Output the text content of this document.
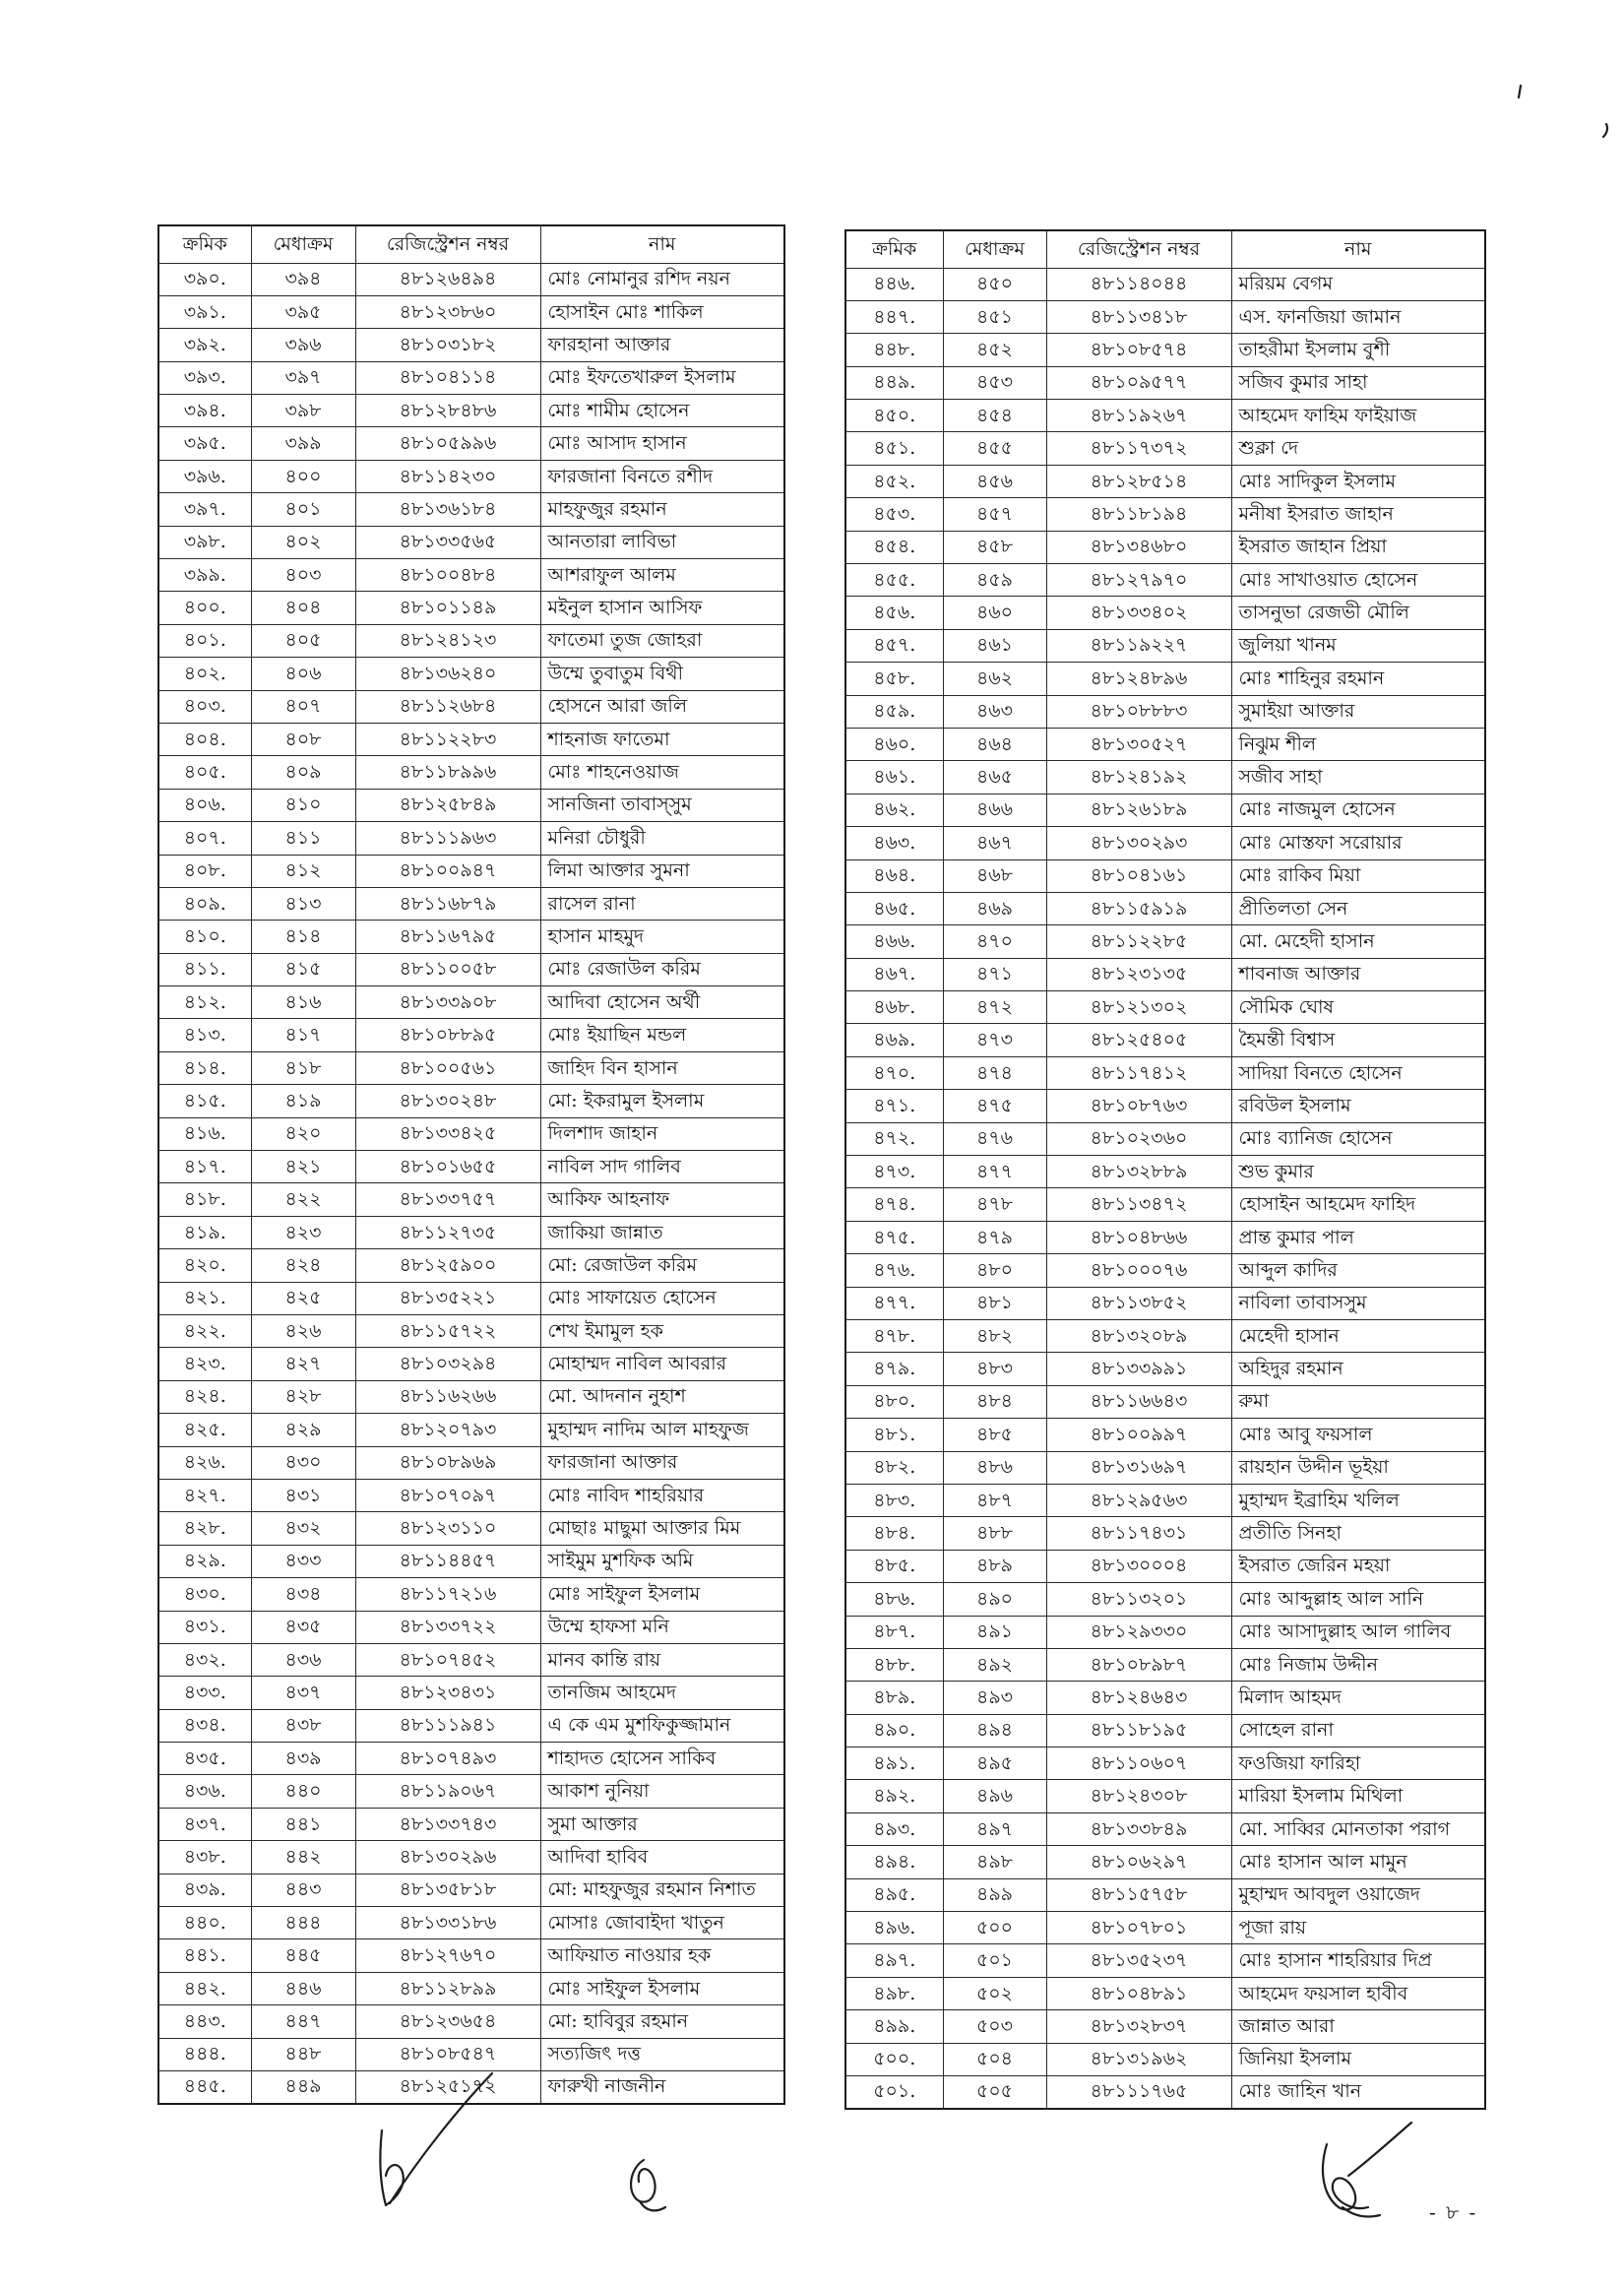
ক্রমিক	মেধাক্রম	রেজিস্ট্রেশন নম্বর	নাম
৩৯০.	৩৯৪	৪৮১২৬৪৯৪	মোঃ নোমানুর রশিদ নয়ন
৩৯১.	৩৯৫	৪৮১২৩৮৬০	হোসাইন মোঃ শাকিল
৩৯২.	৩৯৬	৪৮১০৩১৮২	ফারহানা আক্তার
৩৯৩.	৩৯৭	৪৮১০৪১১৪	মোঃ ইফতেখারুল ইসলাম
৩৯৪.	৩৯৮	৪৮১২৮৪৮৬	মোঃ শামীম হোসেন
৩৯৫.	৩৯৯	৪৮১০৫৯৯৬	মোঃ আসাদ হাসান
৩৯৬.	৪০০	৪৮১১৪২৩০	ফারজানা বিনতে রশীদ
৩৯৭.	৪০১	৪৮১৩৬১৮৪	মাহফুজুর রহমান
৩৯৮.	৪০২	৪৮১৩৩৫৬৫	আনতারা লাবিভা
৩৯৯.	৪০৩	৪৮১০০৪৮৪	আশরাফুল আলম
৪০০.	৪০৪	৪৮১০১১৪৯	মইনুল হাসান আসিফ
৪০১.	৪০৫	৪৮১২৪১২৩	ফাতেমা তুজ জোহরা
৪০২.	৪০৬	৪৮১৩৬২৪০	উম্মে তুবাতুম বিথী
৪০৩.	৪০৭	৪৮১১২৬৮৪	হোসনে আরা জলি
৪০৪.	৪০৮	৪৮১১২২৮৩	শাহনাজ ফাতেমা
৪০৫.	৪০৯	৪৮১১৮৯৯৬	মোঃ শাহনেওয়াজ
৪০৬.	৪১০	৪৮১২৫৮৪৯	সানজিনা তাবাস্সুম
৪০৭.	৪১১	৪৮১১১৯৬৩	মনিরা চৌধুরী
৪০৮.	৪১২	৪৮১০০৯৪৭	লিমা আক্তার সুমনা
৪০৯.	৪১৩	৪৮১১৬৮৭৯	রাসেল রানা
৪১০.	৪১৪	৪৮১১৬৭৯৫	হাসান মাহমুদ
৪১১.	৪১৫	৪৮১১০০৫৮	মোঃ রেজাউল করিম
৪১২.	৪১৬	৪৮১৩৩৯০৮	আদিবা হোসেন অর্থী
৪১৩.	৪১৭	৪৮১০৮৮৯৫	মোঃ ইয়াছিন মন্ডল
৪১৪.	৪১৮	৪৮১০০৫৬১	জাহিদ বিন হাসান
৪১৫.	৪১৯	৪৮১৩০২৪৮	মো: ইকরামুল ইসলাম
৪১৬.	৪২০	৪৮১৩৩৪২৫	দিলশাদ জাহান
৪১৭.	৪২১	৪৮১০১৬৫৫	নাবিল সাদ গালিব
৪১৮.	৪২২	৪৮১৩৩৭৫৭	আকিফ আহনাফ
৪১৯.	৪২৩	৪৮১১২৭৩৫	জাকিয়া জান্নাত
৪২০.	৪২৪	৪৮১২৫৯০০	মো: রেজাউল করিম
৪২১.	৪২৫	৪৮১৩৫২২১	মোঃ সাফায়েত হোসেন
৪২২.	৪২৬	৪৮১১৫৭২২	শেখ ইমামুল হক
৪২৩.	৪২৭	৪৮১০৩২৯৪	মোহাম্মদ নাবিল আবরার
৪২৪.	৪২৮	৪৮১১৬২৬৬	মো. আদনান নুহাশ
৪২৫.	৪২৯	৪৮১২০৭৯৩	মুহাম্মদ নাদিম আল মাহফুজ
৪২৬.	৪৩০	৪৮১০৮৯৬৯	ফারজানা আক্তার
৪২৭.	৪৩১	৪৮১০৭০৯৭	মোঃ নাবিদ শাহরিয়ার
৪২৮.	৪৩২	৪৮১২৩১১০	মোছাঃ মাছুমা আক্তার মিম
৪২৯.	৪৩৩	৪৮১১৪৪৫৭	সাইমুম মুশফিক অমি
৪৩০.	৪৩৪	৪৮১১৭২১৬	মোঃ সাইফুল ইসলাম
৪৩১.	৪৩৫	৪৮১৩৩৭২২	উম্মে হাফসা মনি
৪৩২.	৪৩৬	৪৮১০৭৪৫২	মানব কান্তি রায়
৪৩৩.	৪৩৭	৪৮১২৩৪৩১	তানজিম আহমেদ
৪৩৪.	৪৩৮	৪৮১১১৯৪১	এ কে এম মুশফিকুজ্জামান
৪৩৫.	৪৩৯	৪৮১০৭৪৯৩	শাহাদত হোসেন সাকিব
৪৩৬.	৪৪০	৪৮১১৯০৬৭	আকাশ নুনিয়া
৪৩৭.	৪৪১	৪৮১৩৩৭৪৩	সুমা আক্তার
৪৩৮.	৪৪২	৪৮১৩০২৯৬	আদিবা হাবিব
৪৩৯.	৪৪৩	৪৮১৩৫৮১৮	মো: মাহফুজুর রহমান নিশাত
৪৪০.	৪৪৪	৪৮১৩৩১৮৬	মোসাঃ জোবাইদা খাতুন
৪৪১.	৪৪৫	৪৮১২৭৬৭০	আফিয়াত নাওয়ার হক
৪৪২.	৪৪৬	৪৮১১২৮৯৯	মোঃ সাইফুল ইসলাম
৪৪৩.	৪৪৭	৪৮১২৩৬৫৪	মো: হাবিবুর রহমান
৪৪৪.	৪৪৮	৪৮১০৮৫৪৭	সত্যজিৎ দত্ত
৪৪৫.	৪৪৯	৪৮১২৫১৭২	ফারুখী নাজনীন
ক্রমিক	মেধাক্রম	রেজিস্ট্রেশন নম্বর	নাম
৪৪৬.	৪৫০	৪৮১১৪০৪৪	মরিয়ম বেগম
৪৪৭.	৪৫১	৪৮১১৩৪১৮	এস. ফানজিয়া জামান
৪৪৮.	৪৫২	৪৮১০৮৫৭৪	তাহরীমা ইসলাম বুশী
৪৪৯.	৪৫৩	৪৮১০৯৫৭৭	সজিব কুমার সাহা
৪৫০.	৪৫৪	৪৮১১৯২৬৭	আহমেদ ফাহিম ফাইয়াজ
৪৫১.	৪৫৫	৪৮১১৭৩৭২	শুক্লা দে
৪৫২.	৪৫৬	৪৮১২৮৫১৪	মোঃ সাদিকুল ইসলাম
৪৫৩.	৪৫৭	৪৮১১৮১৯৪	মনীষা ইসরাত জাহান
৪৫৪.	৪৫৮	৪৮১৩৪৬৮০	ইসরাত জাহান প্রিয়া
৪৫৫.	৪৫৯	৪৮১২৭৯৭০	মোঃ সাখাওয়াত হোসেন
৪৫৬.	৪৬০	৪৮১৩৩৪০২	তাসনুভা রেজভী মৌলি
৪৫৭.	৪৬১	৪৮১১৯২২৭	জুলিয়া খানম
৪৫৮.	৪৬২	৪৮১২৪৮৯৬	মোঃ শাহিনুর রহমান
৪৫৯.	৪৬৩	৪৮১০৮৮৮৩	সুমাইয়া আক্তার
৪৬০.	৪৬৪	৪৮১৩০৫২৭	নিঝুম শীল
৪৬১.	৪৬৫	৪৮১২৪১৯২	সজীব সাহা
৪৬২.	৪৬৬	৪৮১২৬১৮৯	মোঃ নাজমুল হোসেন
৪৬৩.	৪৬৭	৪৮১৩০২৯৩	মোঃ মোস্তফা সরোয়ার
৪৬৪.	৪৬৮	৪৮১০৪১৬১	মোঃ রাকিব মিয়া
৪৬৫.	৪৬৯	৪৮১১৫৯১৯	প্রীতিলতা সেন
৪৬৬.	৪৭০	৪৮১১২২৮৫	মো. মেহেদী হাসান
৪৬৭.	৪৭১	৪৮১২৩১৩৫	শাবনাজ আক্তার
৪৬৮.	৪৭২	৪৮১২১৩০২	সৌমিক ঘোষ
৪৬৯.	৪৭৩	৪৮১২৫৪০৫	হৈমন্তী বিশ্বাস
৪৭০.	৪৭৪	৪৮১১৭৪১২	সাদিয়া বিনতে হোসেন
৪৭১.	৪৭৫	৪৮১০৮৭৬৩	রবিউল ইসলাম
৪৭২.	৪৭৬	৪৮১০২৩৬০	মোঃ ব্যানিজ হোসেন
৪৭৩.	৪৭৭	৪৮১৩২৮৮৯	শুভ কুমার
৪৭৪.	৪৭৮	৪৮১১৩৪৭২	হোসাইন আহমেদ ফাহিদ
৪৭৫.	৪৭৯	৪৮১০৪৮৬৬	প্রান্ত কুমার পাল
৪৭৬.	৪৮০	৪৮১০০০৭৬	আব্দুল কাদির
৪৭৭.	৪৮১	৪৮১১৩৮৫২	নাবিলা তাবাসসুম
৪৭৮.	৪৮২	৪৮১৩২০৮৯	মেহেদী হাসান
৪৭৯.	৪৮৩	৪৮১৩৩৯৯১	অহিদুর রহমান
৪৮০.	৪৮৪	৪৮১১৬৬৪৩	রুমা
৪৮১.	৪৮৫	৪৮১০০৯৯৭	মোঃ আবু ফয়সাল
৪৮২.	৪৮৬	৪৮১৩১৬৯৭	রায়হান উদ্দীন ভূইয়া
৪৮৩.	৪৮৭	৪৮১২৯৫৬৩	মুহাম্মদ ইব্রাহিম খলিল
৪৮৪.	৪৮৮	৪৮১১৭৪৩১	প্রতীতি সিনহা
৪৮৫.	৪৮৯	৪৮১৩০০০৪	ইসরাত জেরিন মহয়া
৪৮৬.	৪৯০	৪৮১১৩২০১	মোঃ আব্দুল্লাহ আল সানি
৪৮৭.	৪৯১	৪৮১২৯৩৩০	মোঃ আসাদুল্লাহ আল গালিব
৪৮৮.	৪৯২	৪৮১০৮৯৮৭	মোঃ নিজাম উদ্দীন
৪৮৯.	৪৯৩	৪৮১২৪৬৪৩	মিলাদ আহমদ
৪৯০.	৪৯৪	৪৮১১৮১৯৫	সোহেল রানা
৪৯১.	৪৯৫	৪৮১১০৬০৭	ফওজিয়া ফারিহা
৪৯২.	৪৯৬	৪৮১২৪৩০৮	মারিয়া ইসলাম মিথিলা
৪৯৩.	৪৯৭	৪৮১৩৩৮৪৯	মো. সাব্বির মোনতাকা পরাগ
৪৯৪.	৪৯৮	৪৮১০৬২৯৭	মোঃ হাসান আল মামুন
৪৯৫.	৪৯৯	৪৮১১৫৭৫৮	মুহাম্মদ আবদুল ওয়াজেদ
৪৯৬.	৫০০	৪৮১০৭৮০১	পূজা রায়
৪৯৭.	৫০১	৪৮১৩৫২৩৭	মোঃ হাসান শাহরিয়ার দিপ্র
৪৯৮.	৫০২	৪৮১০৪৮৯১	আহমেদ ফয়সাল হাবীব
৪৯৯.	৫০৩	৪৮১৩২৮৩৭	জান্নাত আরা
৫০০.	৫০৪	৪৮১৩১৯৬২	জিনিয়া ইসলাম
৫০১.	৫০৫	৪৮১১১৭৬৫	মোঃ জাহিন খান
- ৮ -
